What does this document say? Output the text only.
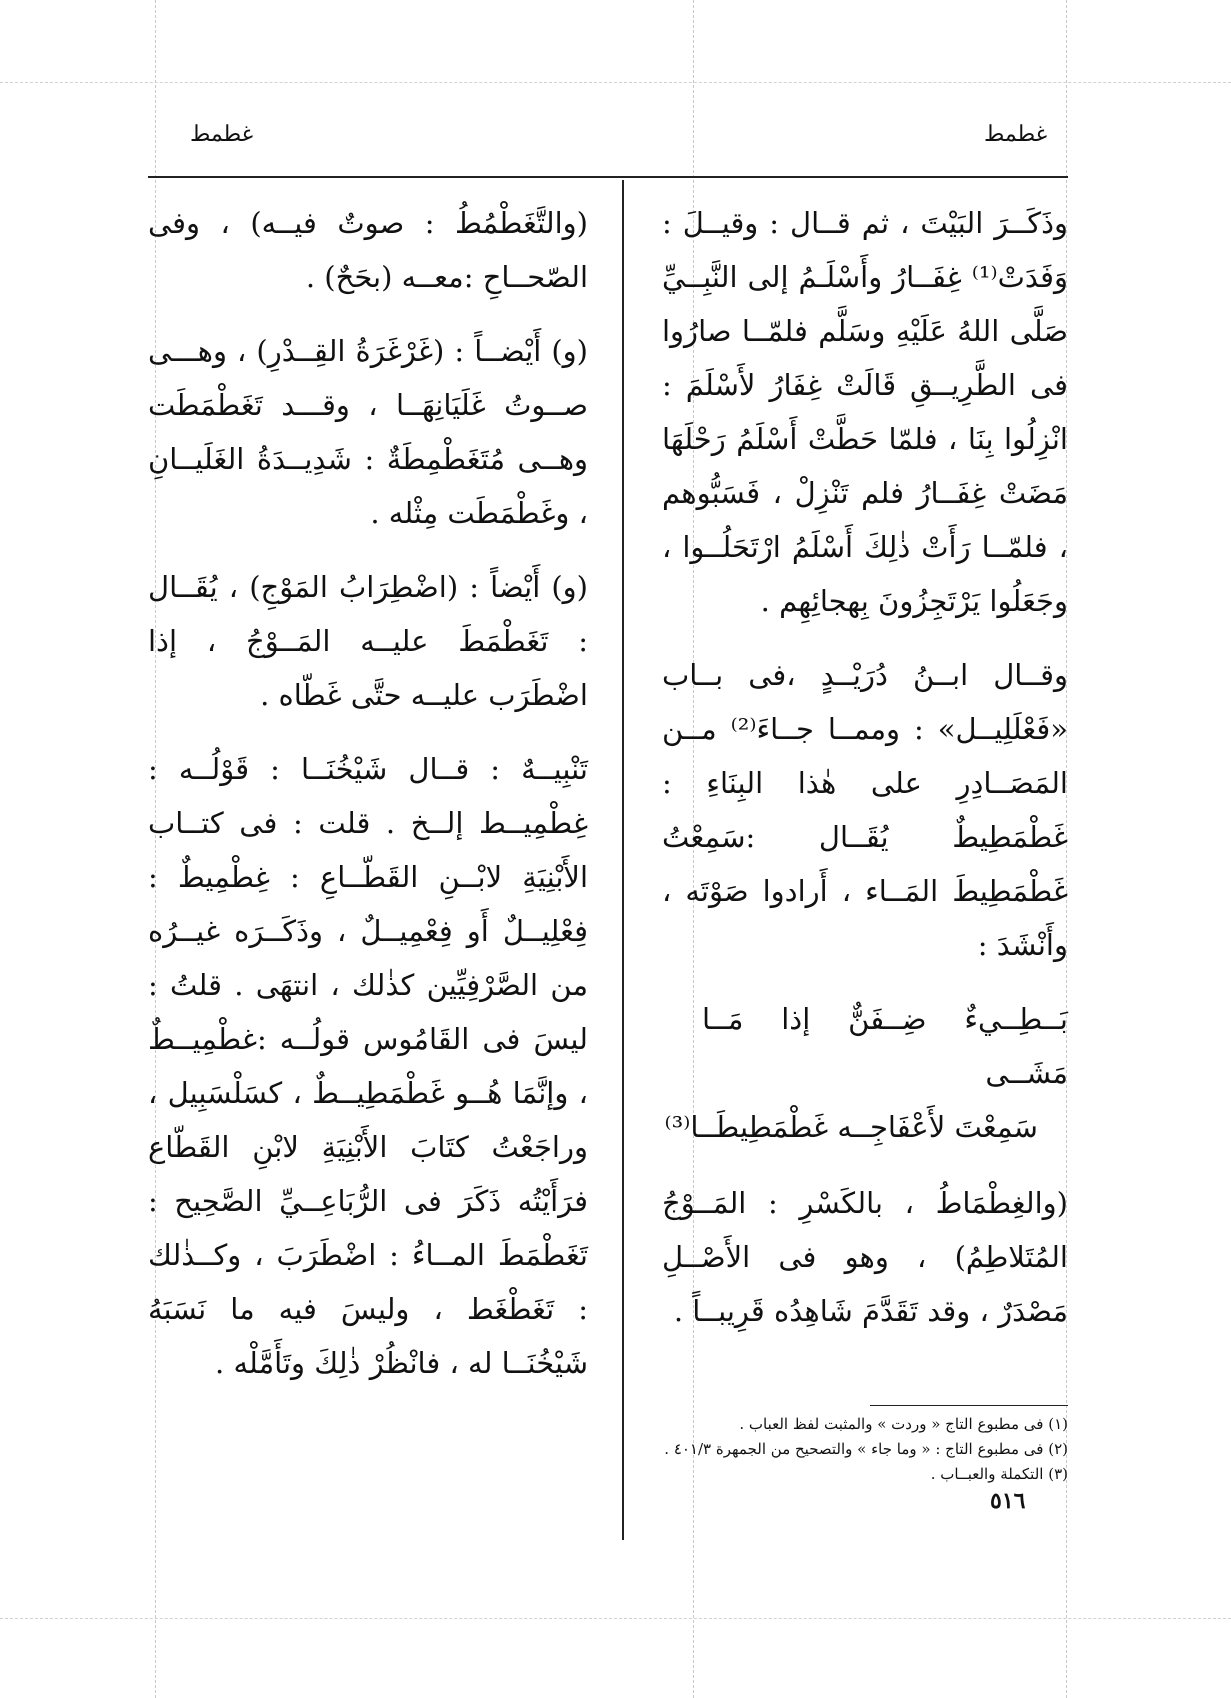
غطمط	غطمط

وذَكَــرَ البَيْتَ ، ثم قــال : وقيــلَ : وَفَدَتْ⁽¹⁾ غِفَــارُ وأَسْلَـمُ إلى النَّبِــيِّ صَلَّى اللهُ عَلَيْهِ وسَلَّم فلمّــا صارُوا فى الطَّرِيــقِ قَالَتْ غِفَارُ لأَسْلَمَ : انْزِلُوا بِنَا ، فلمّا حَطَّتْ أَسْلَمُ رَحْلَهَا مَضَتْ غِفَــارُ فلم تَنْزِلْ ، فَسَبُّوهم ، فلمّــا رَأَتْ ذٰلِكَ أَسْلَمُ ارْتَحَلُــوا ، وجَعَلُوا يَرْتَجِزُونَ بِهجائِهِم .

وقــال ابــنُ دُرَيْــدٍ ،فى بــاب «فَعْلَلِيــل» : وممــا جــاءَ⁽²⁾ مــن المَصَــادِرِ على هٰذا البِنَاءِ : غَطْمَطِيطٌ يُقَــال :سَمِعْتُ غَطْمَطِيطَ المَــاء ، أَرادوا صَوْتَه ، وأَنْشَدَ :

بَــطِــيءٌ ضِــفَنٌّ إذا مَــا مَشَــى
سَمِعْتَ لأَعْفَاجِــه غَطْمَطِيطَــا⁽³⁾

(والغِطْمَاطُ ، بالكَسْرِ : المَــوْجُ المُتَلاطِمُ) ، وهو فى الأَصْــلِ مَصْدَرٌ ، وقد تَقَدَّمَ شَاهِدُه قَرِيبــاً .

(والتَّغَطْمُطُ : صوتٌ فيــه) ، وفى الصّحــاحِ :معــه (بحَحٌ) .

(و) أَيْضــاً : (غَرْغَرَةُ القِــدْرِ) ، وهـــى صــوتُ غَلَيَانِهَــا ، وقـــد تَغَطْمَطَت وهــى مُتَغَطْمِطَةٌ : شَدِيــدَةُ الغَلَيــانِ ، وغَطْمَطَت مِثْله .

(و) أَيْضاً : (اضْطِرَابُ المَوْجِ) ، يُقَــال : تَغَطْمَطَ عليــه المَــوْجُ ، إذا اضْطَرَب عليــه حتَّى غَطّاه .

تَنْبِيــهٌ : قــال شَيْخُنَــا : قَوْلُــه : غِطْمِيــط إلــخ . قلت : فى كتــاب الأَبْنِيَةِ لابْــنِ القَطّــاعِ : غِطْمِيطٌ : فِعْلِيــلٌ أَو فِعْمِيــلٌ ، وذَكَــرَه غيــرُه من الصَّرْفِيِّين كذٰلك ، انتهَى . قلتُ : ليسَ فى القَامُوس قولُــه :غطْمِيــطٌ ، وإنَّمَا هُــو غَطْمَطِيــطٌ ، كسَلْسَبِيل ، وراجَعْتُ كتَابَ الأَبْنِيَةِ لابْنِ القَطّاع فرَأَيْتُه ذَكَرَ فى الرُّبَاعِــيِّ الصَّحِيح : تَغَطْمَطَ المــاءُ : اضْطَرَبَ ، وكــذٰلك : تَغَطْغَط ، وليسَ فيه ما نَسَبَهُ شَيْخُنَــا له ، فانْظُرْ ذٰلِكَ وتَأَمَّلْه .

(١) فى مطبوع التاج « وردت » والمثبت لفظ العباب .
(٢) فى مطبوع التاج : « وما جاء » والتصحيح من الجمهرة ٤٠١/٣ .
(٣) التكملة والعبــاب .
٥١٦
